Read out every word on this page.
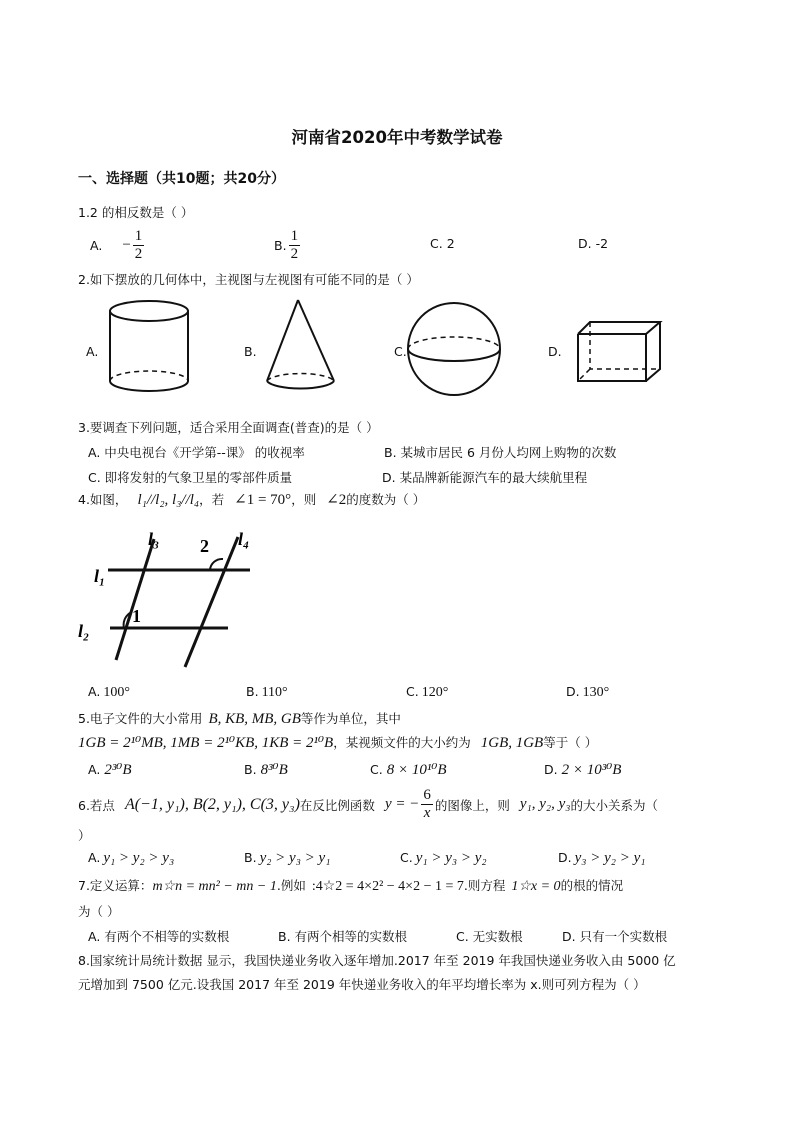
河南省2020年中考数学试卷
一、选择题（共10题；共20分）
1.2 的相反数是（ ）
A. − $\frac{1}{2}$	B. $\frac{1}{2}$	C. 2	D. -2
2.如下摆放的几何体中，主视图与左视图有可能不同的是（ ）
A.	B.	C.	D.
3.要调查下列问题，适合采用全面调查(普查)的是（ ）
A. 中央电视台《开学第--课》 的收视率	B. 某城市居民 6 月份人均网上购物的次数
C. 即将发射的气象卫星的零部件质量	D. 某品牌新能源汽车的最大续航里程
4.如图， l₁//l₂, l₃//l₄ ，若 ∠1 = 70° ，则 ∠2 的度数为（ ）
l₁
l₂
l₃	l₄
1
2
A. 100°	B. 110°	C. 120°	D. 130°
5.电子文件的大小常用 B, KB, MB, GB 等作为单位，其中
1GB = 2¹⁰MB, 1MB = 2¹⁰KB, 1KB = 2¹⁰B ，某视频文件的大小约为 1GB, 1GB 等于（ ）
A. 2³⁰B	B. 8³⁰B	C. 8 × 10¹⁰B	D. 2 × 10³⁰B
6.若点 A(−1, y₁), B(2, y₁), C(3, y₃) 在反比例函数 y = − $\frac{6}{x}$ 的图像上，则 y₁, y₂, y₃ 的大小关系为（
）
A. y₁ > y₂ > y₃	B. y₂ > y₃ > y₁	C. y₁ > y₃ > y₂	D. y₃ > y₂ > y₁
7.定义运算： m☆n = mn² − mn − 1 .例如 :4☆2 = 4×2² − 4×2 − 1 = 7 .则方程 1☆x = 0 的根的情况
为（ ）
A. 有两个不相等的实数根	B. 有两个相等的实数根	C. 无实数根	D. 只有一个实数根
8.国家统计局统计数据 显示，我国快递业务收入逐年增加.2017 年至 2019 年我国快递业务收入由 5000 亿
元增加到 7500 亿元.设我国 2017 年至 2019 年快递业务收入的年平均增长率为 x.则可列方程为（ ）
